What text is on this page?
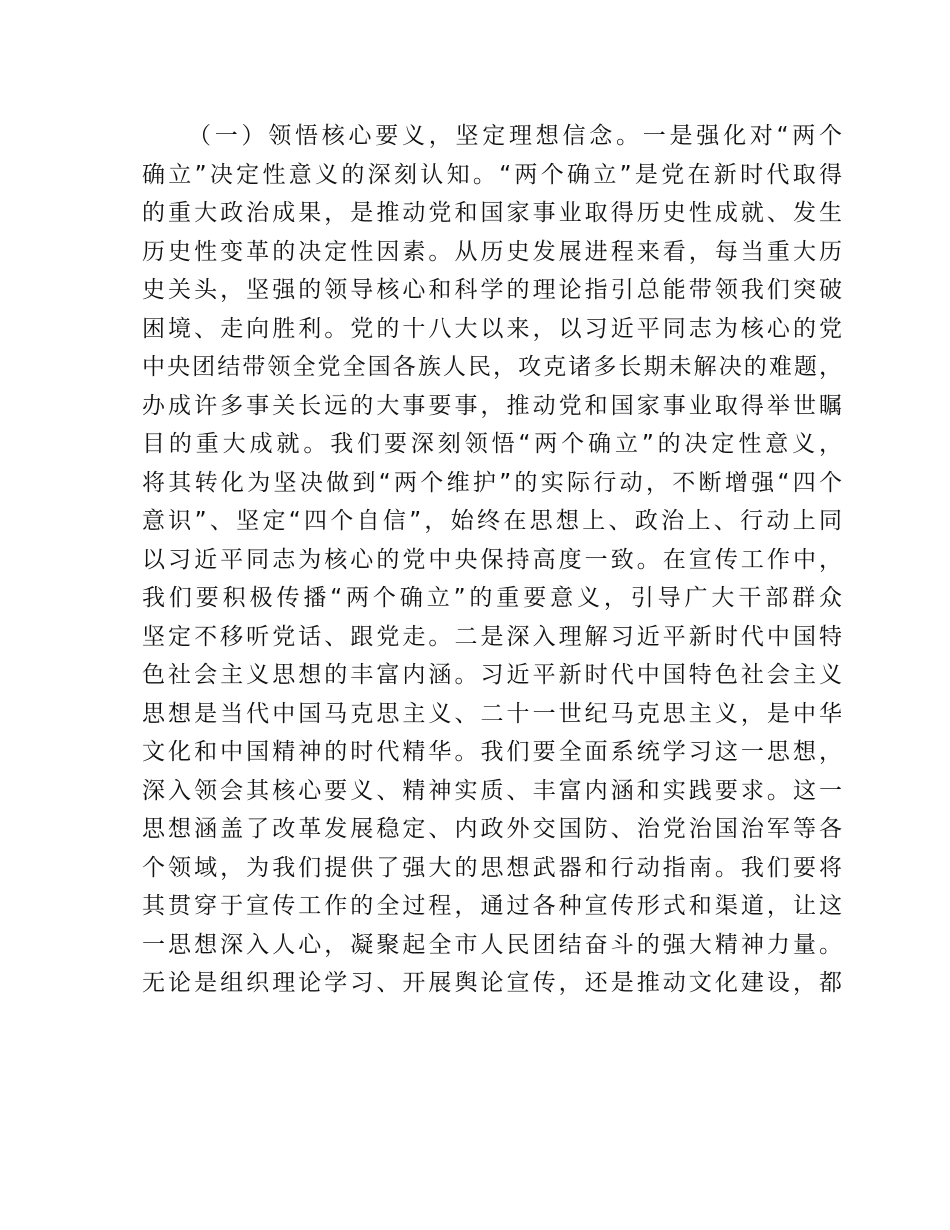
（一）领悟核心要义，坚定理想信念。一是强化对“两个
确立”决定性意义的深刻认知。“两个确立”是党在新时代取得
的重大政治成果，是推动党和国家事业取得历史性成就、发生
历史性变革的决定性因素。从历史发展进程来看，每当重大历
史关头，坚强的领导核心和科学的理论指引总能带领我们突破
困境、走向胜利。党的十八大以来，以习近平同志为核心的党
中央团结带领全党全国各族人民，攻克诸多长期未解决的难题，
办成许多事关长远的大事要事，推动党和国家事业取得举世瞩
目的重大成就。我们要深刻领悟“两个确立”的决定性意义，
将其转化为坚决做到“两个维护”的实际行动，不断增强“四个
意识”、坚定“四个自信”，始终在思想上、政治上、行动上同
以习近平同志为核心的党中央保持高度一致。在宣传工作中，
我们要积极传播“两个确立”的重要意义，引导广大干部群众
坚定不移听党话、跟党走。二是深入理解习近平新时代中国特
色社会主义思想的丰富内涵。习近平新时代中国特色社会主义
思想是当代中国马克思主义、二十一世纪马克思主义，是中华
文化和中国精神的时代精华。我们要全面系统学习这一思想，
深入领会其核心要义、精神实质、丰富内涵和实践要求。这一
思想涵盖了改革发展稳定、内政外交国防、治党治国治军等各
个领域，为我们提供了强大的思想武器和行动指南。我们要将
其贯穿于宣传工作的全过程，通过各种宣传形式和渠道，让这
一思想深入人心，凝聚起全市人民团结奋斗的强大精神力量。
无论是组织理论学习、开展舆论宣传，还是推动文化建设，都
